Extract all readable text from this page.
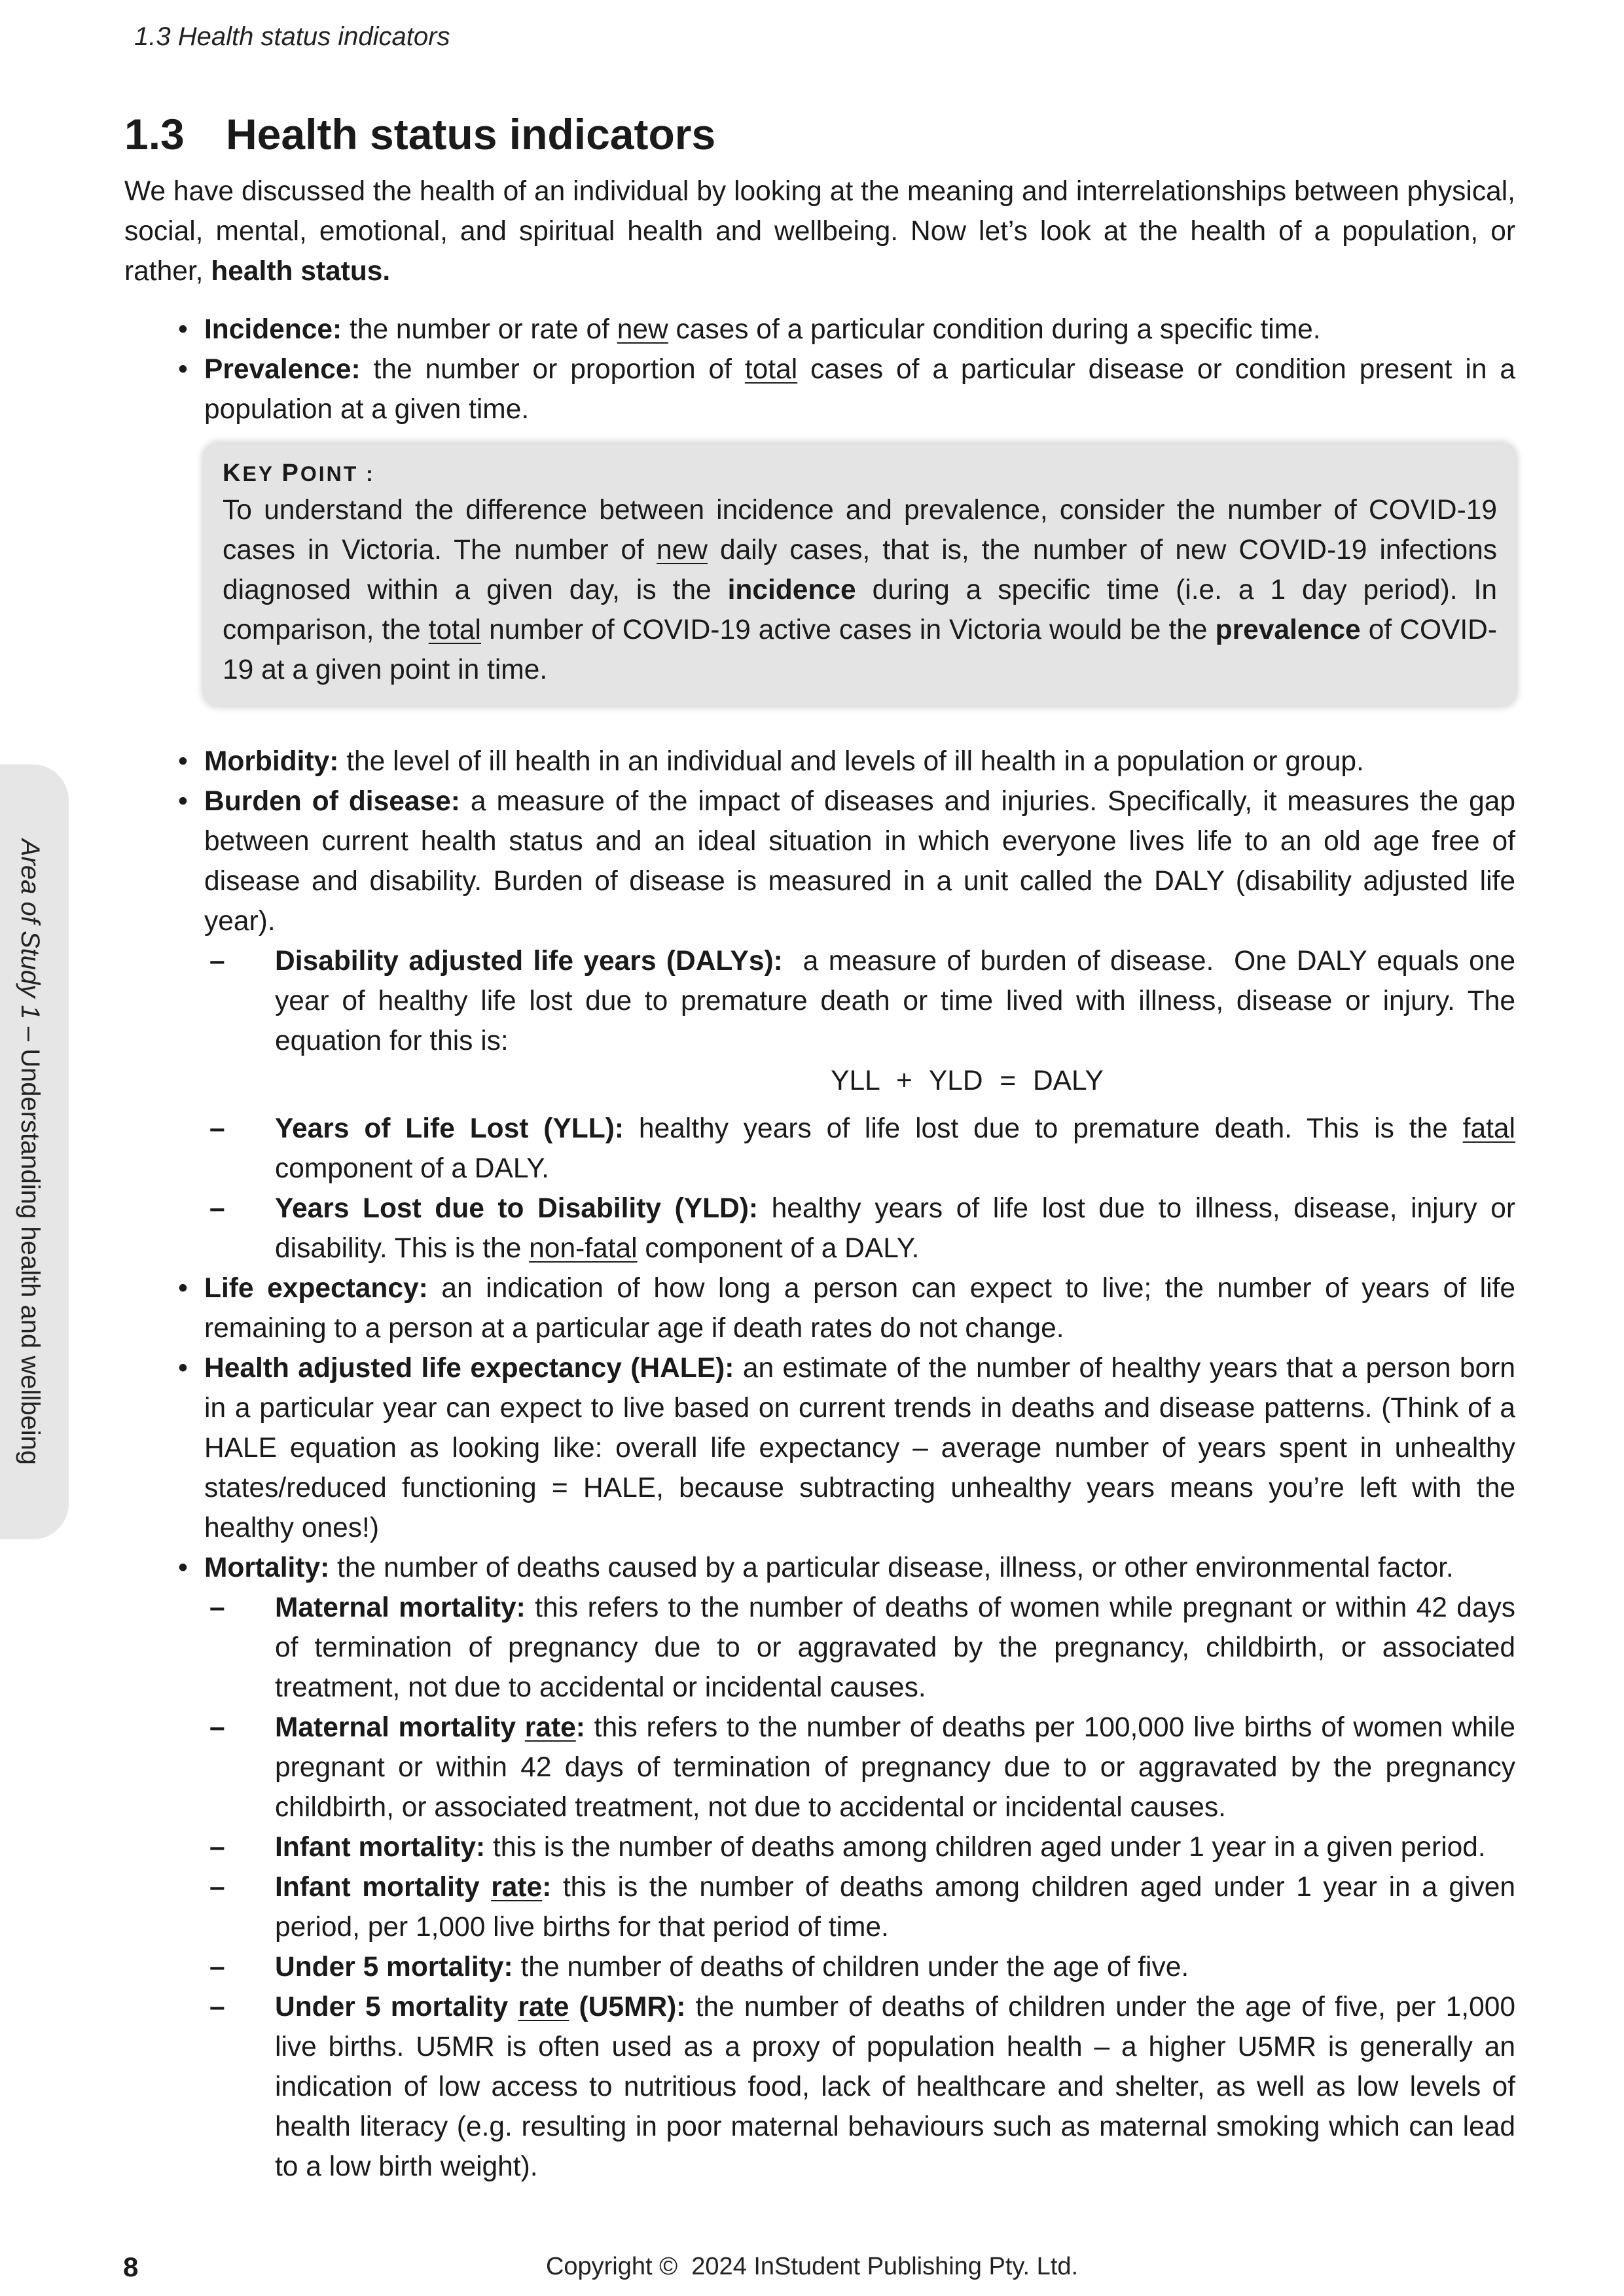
1.3 Health status indicators
Area of Study 1
– Understanding health and wellbeing
1.3 Health status indicators

We have discussed the health of an individual by looking at the meaning and interrelationships between physical, social, mental, emotional, and spiritual health and wellbeing. Now let’s look at the health of a population, or rather, health status.

• Incidence: the number or rate of new cases of a particular condition during a specific time.
• Prevalence: the number or proportion of total cases of a particular disease or condition present in a population at a given time.
KEY POINT :
To understand the difference between incidence and prevalence, consider the number of COVID-19 cases in Victoria. The number of new daily cases, that is, the number of new COVID-19 infections diagnosed within a given day, is the incidence during a specific time (i.e. a 1 day period). In comparison, the total number of COVID-19 active cases in Victoria would be the prevalence of COVID-19 at a given point in time.
• Morbidity: the level of ill health in an individual and levels of ill health in a population or group.
• Burden of disease: a measure of the impact of diseases and injuries. Specifically, it measures the gap between current health status and an ideal situation in which everyone lives life to an old age free of disease and disability. Burden of disease is measured in a unit called the DALY (disability adjusted life year).
– Disability adjusted life years (DALYs):  a measure of burden of disease.  One DALY equals one year of healthy life lost due to premature death or time lived with illness, disease or injury. The equation for this is:
YLL + YLD = DALY
– Years of Life Lost (YLL): healthy years of life lost due to premature death. This is the fatal component of a DALY.
– Years Lost due to Disability (YLD): healthy years of life lost due to illness, disease, injury or disability. This is the non-fatal component of a DALY.
• Life expectancy: an indication of how long a person can expect to live; the number of years of life remaining to a person at a particular age if death rates do not change.
• Health adjusted life expectancy (HALE): an estimate of the number of healthy years that a person born in a particular year can expect to live based on current trends in deaths and disease patterns. (Think of a HALE equation as looking like: overall life expectancy – average number of years spent in unhealthy states/reduced functioning = HALE, because subtracting unhealthy years means you’re left with the healthy ones!)
• Mortality: the number of deaths caused by a particular disease, illness, or other environmental factor.
– Maternal mortality: this refers to the number of deaths of women while pregnant or within 42 days of termination of pregnancy due to or aggravated by the pregnancy, childbirth, or associated treatment, not due to accidental or incidental causes.
– Maternal mortality rate: this refers to the number of deaths per 100,000 live births of women while pregnant or within 42 days of termination of pregnancy due to or aggravated by the pregnancy childbirth, or associated treatment, not due to accidental or incidental causes.
– Infant mortality: this is the number of deaths among children aged under 1 year in a given period.
– Infant mortality rate: this is the number of deaths among children aged under 1 year in a given period, per 1,000 live births for that period of time.
– Under 5 mortality: the number of deaths of children under the age of five.
– Under 5 mortality rate (U5MR): the number of deaths of children under the age of five, per 1,000 live births. U5MR is often used as a proxy of population health – a higher U5MR is generally an indication of low access to nutritious food, lack of healthcare and shelter, as well as low levels of health literacy (e.g. resulting in poor maternal behaviours such as maternal smoking which can lead to a low birth weight).
8	Copyright ©  2024 InStudent Publishing Pty. Ltd.
